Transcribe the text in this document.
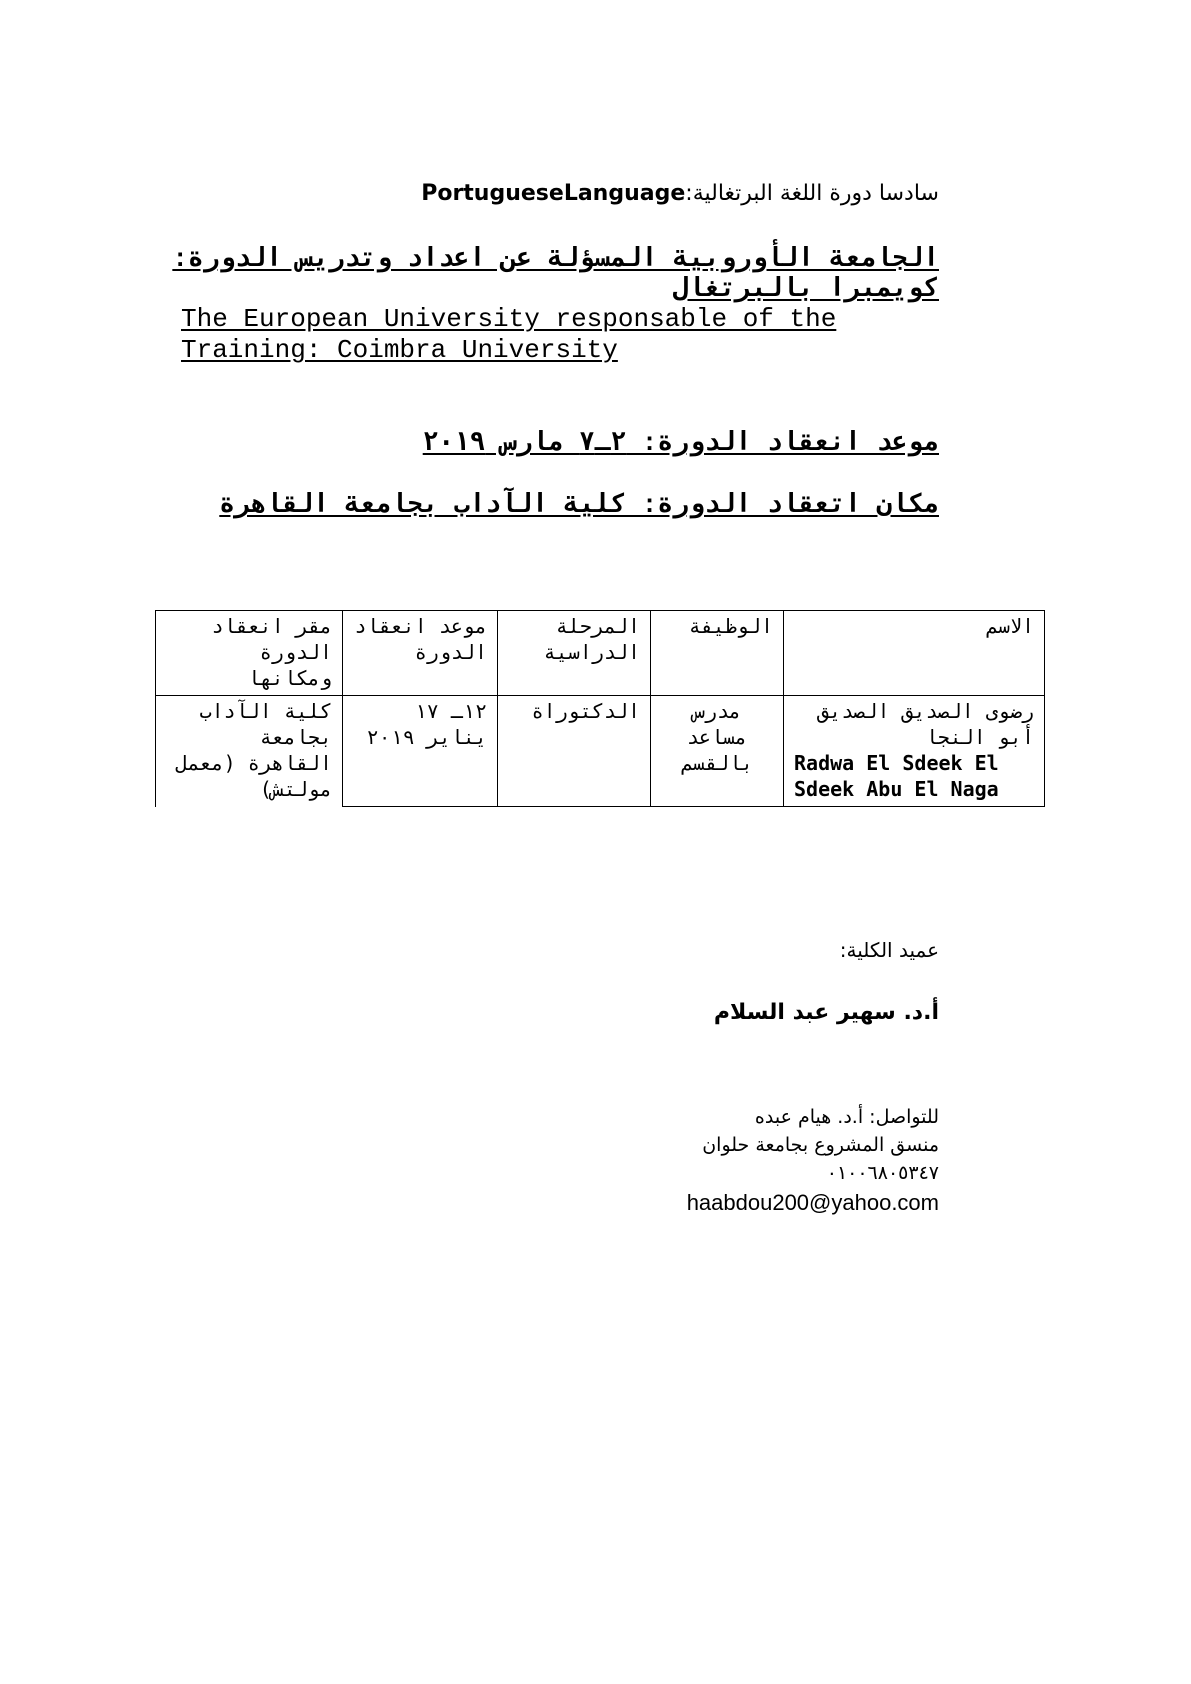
سادسا دورة اللغة البرتغالية:PortugueseLanguage
الجامعة الأوروبية المسؤلة عن اعداد وتدريس الدورة:
كويمبرا بالبرتغال
The European University responsable of the
Training: Coimbra University
موعد انعقاد الدورة: ٢ـ٧ مارس ٢٠١٩
مكان اتعقاد الدورة: كلية الآداب بجامعة القاهرة
مقر انعقاد الدورة ومكانها	موعد انعقاد الدورة	المرحلة الدراسية	الوظيفة	الاسم
كلية الآداب بجامعة القاهرة (معمل مولتش)	١٢ـ ١٧ يناير ٢٠١٩	الدكتوراة	مدرس مساعد بالقسم	رضوى الصديق الصديق أبو النجا
Radwa El Sdeek El Sdeek Abu El Naga
عميد الكلية:
أ.د. سهير عبد السلام
للتواصل: أ.د. هيام عبده
منسق المشروع بجامعة حلوان
٠١٠٠٦٨٠٥٣٤٧
haabdou200@yahoo.com
